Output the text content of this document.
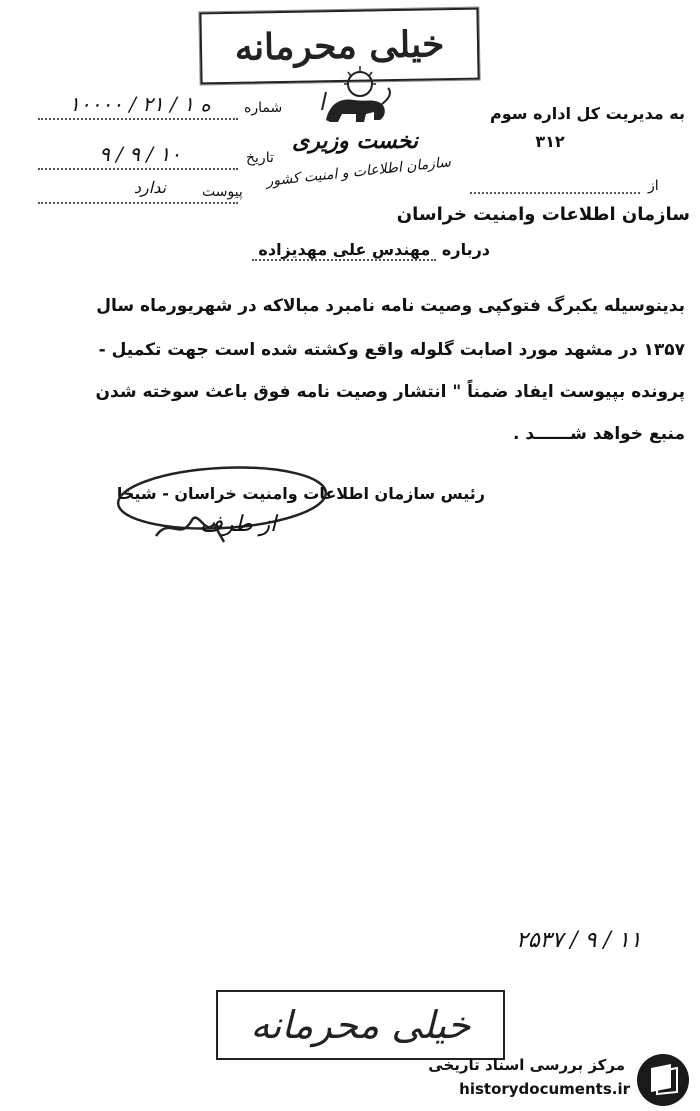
خیلی محرمانه
نخست وزیری
سازمان اطلاعات و امنیت کشور
۱۰۰۰۰ / ۲۱ / ه ۱	شماره
۹ / ۹ / ۱۰	تاریخ
ندارد	پیوست
به مدیریت کل اداره سوم
۳۱۲
از
سازمان اطلاعات وامنیت خراسان
درباره مهندس علی مهدیزاده
بدینوسیله یکبرگ فتوکپی وصیت نامه نامبرد مبالاکه در شهریورماه سال
۱۳۵۷ در مشهد مورد اصابت گلوله واقع وکشته شده است جهت تکمیل -
پرونده بپیوست ایفاد ضمناً " انتشار وصیت نامه فوق باعث سوخته شدن
منبع خواهد شــــــد .
رئیس سازمان اطلاعات وامنیت خراسان - شیخا
از طرف
۲۵۳۷ / ۹ / ۱۱
خیلی محرمانه
مرکز بررسی اسناد تاریخی
historydocuments.ir
